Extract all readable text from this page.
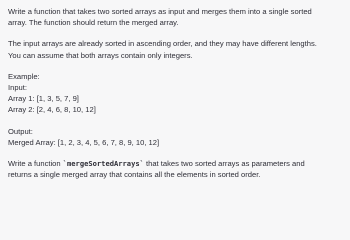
Write a function that takes two sorted arrays as input and merges them into a single sorted

array. The function should return the merged array.

The input arrays are already sorted in ascending order, and they may have different lengths.

You can assume that both arrays contain only integers.

Example:

Input:

Array 1: [1, 3, 5, 7, 9]

Array 2: [2, 4, 6, 8, 10, 12]

Output:

Merged Array: [1, 2, 3, 4, 5, 6, 7, 8, 9, 10, 12]

Write a function `mergeSortedArrays` that takes two sorted arrays as parameters and

returns a single merged array that contains all the elements in sorted order.
